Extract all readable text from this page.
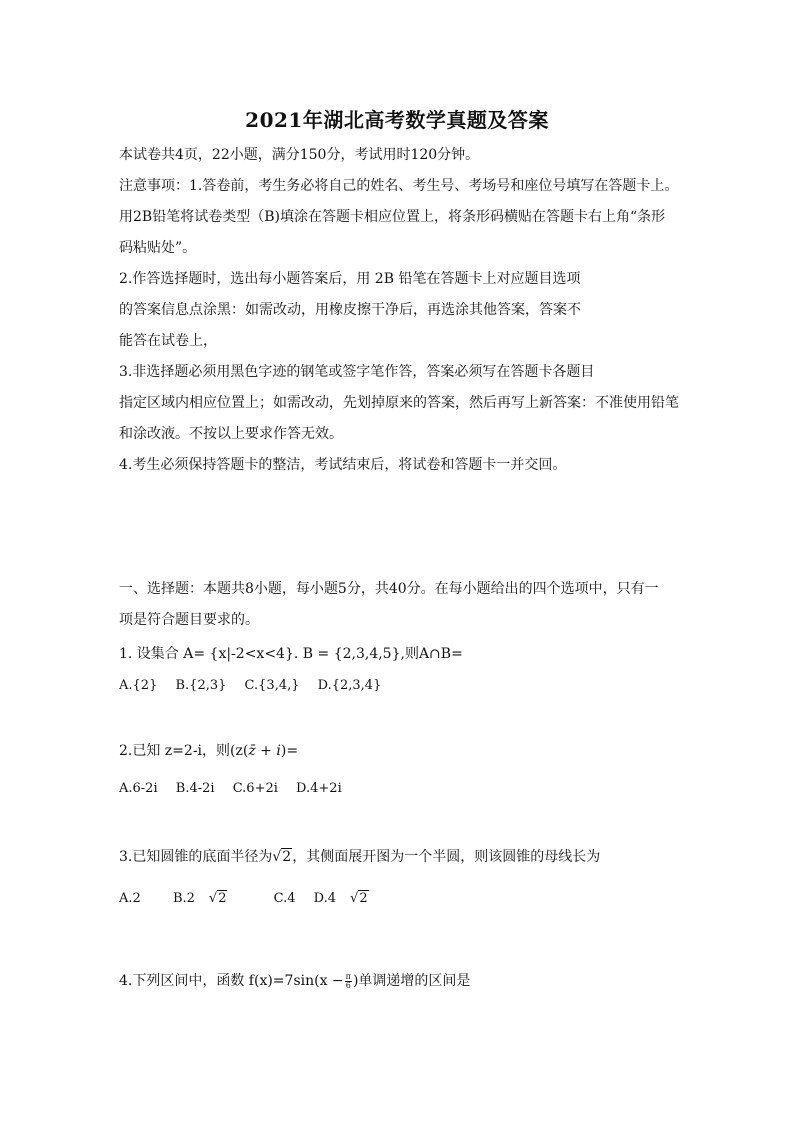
2021年湖北高考数学真题及答案
本试卷共4页，22小题，满分150分，考试用时120分钟。
注意事项：1.答卷前，考生务必将自己的姓名、考生号、考场号和座位号填写在答题卡上。
用2B铅笔将试卷类型（B)填涂在答题卡相应位置上，将条形码横贴在答题卡右上角“条形
码粘贴处”。
2.作答选择题时，选出每小题答案后，用 2B 铅笔在答题卡上对应题目选项
的答案信息点涂黑：如需改动，用橡皮擦干净后，再选涂其他答案，答案不
能答在试卷上，
3.非选择题必须用黑色字迹的钢笔或签字笔作答，答案必须写在答题卡各题目
指定区域内相应位置上；如需改动，先划掉原来的答案，然后再写上新答案：不准使用铅笔
和涂改液。不按以上要求作答无效。
4.考生必须保持答题卡的整洁，考试结束后，将试卷和答题卡一并交回。
一、选择题：本题共8小题，每小题5分，共40分。在每小题给出的四个选项中，只有一
项是符合题目要求的。
1. 设集合 A= {x|-2<x<4}. B = {2,3,4,5},则A∩B=
A.{2} B.{2,3} C.{3,4,} D.{2,3,4}
2.已知 z=2-i，则(z(z̄ + i)=
A.6-2i B.4-2i C.6+2i D.4+2i
3.已知圆锥的底面半径为√2，其侧面展开图为一个半圆，则该圆锥的母线长为
A.2 B.2 √2	C.4 D.4 √2
4.下列区间中，函数 $f(x)=7\sin(x - \frac{\pi}{6}$ )单调递增的区间是
